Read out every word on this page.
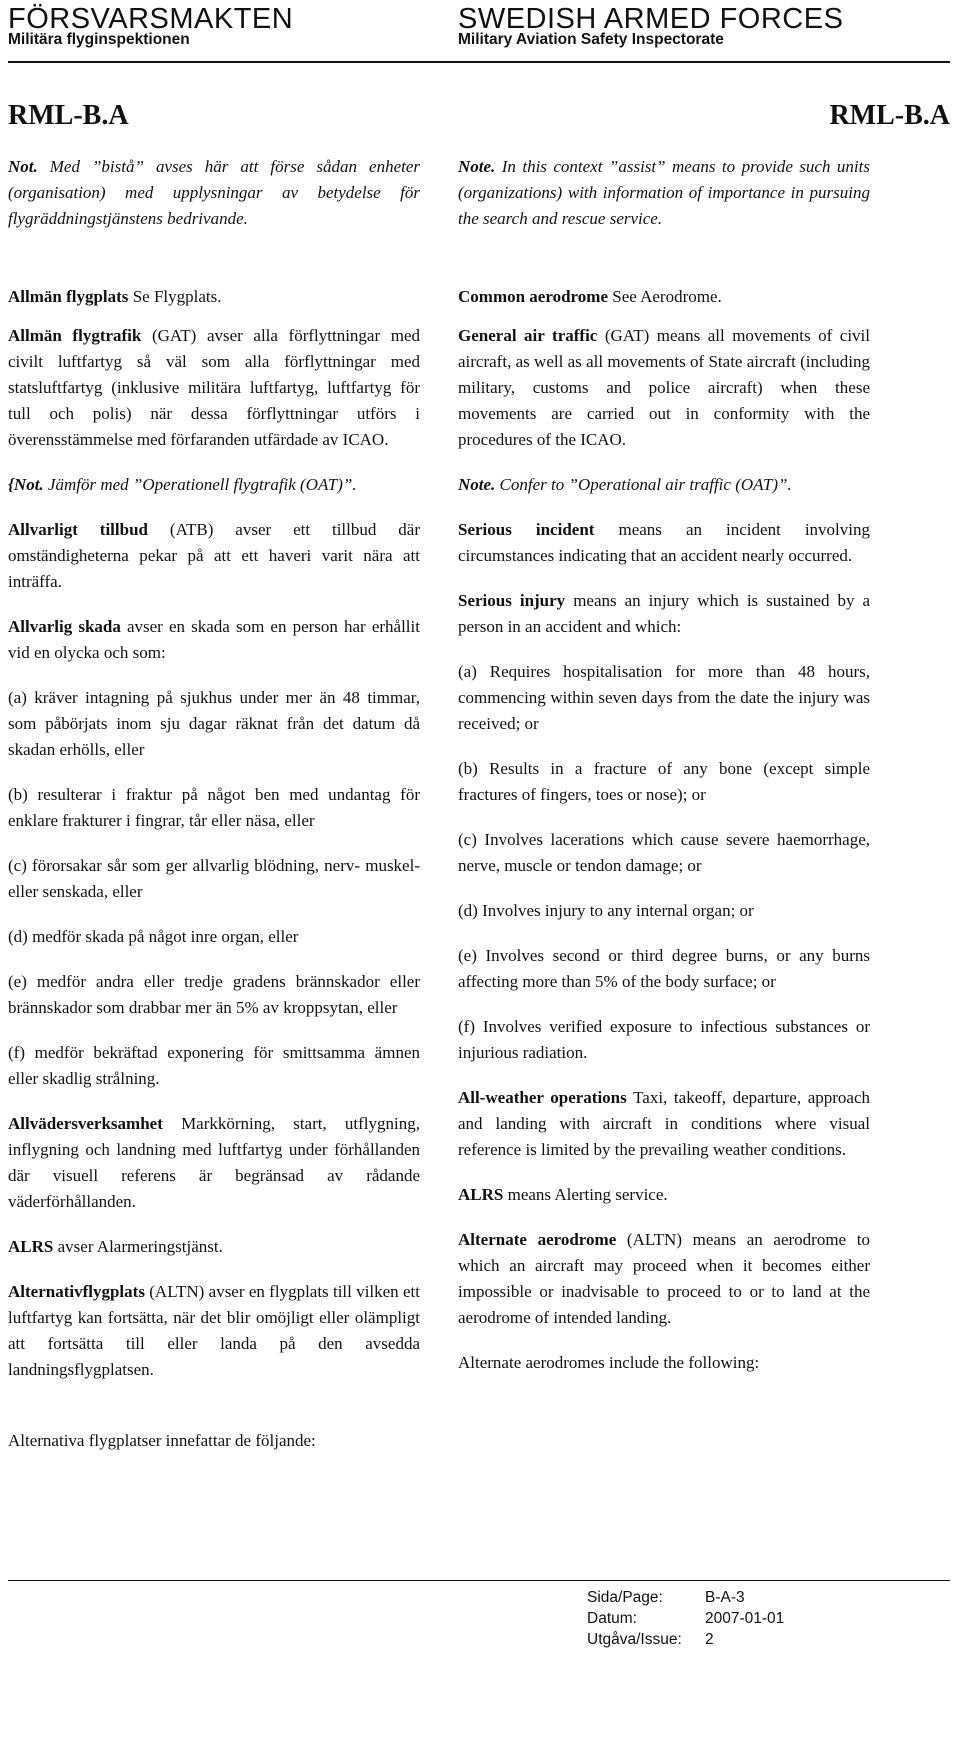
FÖRSVARSMAKTEN
Militära flyginspektionen
SWEDISH ARMED FORCES
Military Aviation Safety Inspectorate
RML-B.A	RML-B.A

Not. Med ”bistå” avses här att förse sådan enheter (organisation) med upplysningar av betydelse för flygräddningstjänstens bedrivande.

Allmän flygplats Se Flygplats.

Allmän flygtrafik (GAT) avser alla förflyttningar med civilt luftfartyg så väl som alla förflyttningar med statsluftfartyg (inklusive militära luftfartyg, luftfartyg för tull och polis) när dessa förflyttningar utförs i överensstämmelse med förfaranden utfärdade av ICAO.

{Not. Jämför med ”Operationell flygtrafik (OAT)”.

Allvarligt tillbud (ATB) avser ett tillbud där omständigheterna pekar på att ett haveri varit nära att inträffa.

Allvarlig skada avser en skada som en person har erhållit vid en olycka och som:

(a) kräver intagning på sjukhus under mer än 48 timmar, som påbörjats inom sju dagar räknat från det datum då skadan erhölls, eller

(b) resulterar i fraktur på något ben med undantag för enklare frakturer i fingrar, tår eller näsa, eller

(c) förorsakar sår som ger allvarlig blödning, nerv- muskel- eller senskada, eller

(d) medför skada på något inre organ, eller

(e) medför andra eller tredje gradens brännskador eller brännskador som drabbar mer än 5% av kroppsytan, eller

(f) medför bekräftad exponering för smittsamma ämnen eller skadlig strålning.

Allvädersverksamhet Markkörning, start, utflygning, inflygning och landning med luftfartyg under förhållanden där visuell referens är begränsad av rådande väderförhållanden.

ALRS avser Alarmeringstjänst.

Alternativflygplats (ALTN) avser en flygplats till vilken ett luftfartyg kan fortsätta, när det blir omöjligt eller olämpligt att fortsätta till eller landa på den avsedda landningsflygplatsen.

Alternativa flygplatser innefattar de följande:

Note. In this context ”assist” means to provide such units (organizations) with information of importance in pursuing the search and rescue service.

Common aerodrome See Aerodrome.

General air traffic (GAT) means all movements of civil aircraft, as well as all movements of State aircraft (including military, customs and police aircraft) when these movements are carried out in conformity with the procedures of the ICAO.

Note. Confer to ”Operational air traffic (OAT)”.

Serious incident means an incident involving circumstances indicating that an accident nearly occurred.

Serious injury means an injury which is sustained by a person in an accident and which:

(a) Requires hospitalisation for more than 48 hours, commencing within seven days from the date the injury was received; or

(b) Results in a fracture of any bone (except simple fractures of fingers, toes or nose); or

(c) Involves lacerations which cause severe haemorrhage, nerve, muscle or tendon damage; or

(d) Involves injury to any internal organ; or

(e) Involves second or third degree burns, or any burns affecting more than 5% of the body surface; or

(f) Involves verified exposure to infectious substances or injurious radiation.

All-weather operations Taxi, takeoff, departure, approach and landing with aircraft in conditions where visual reference is limited by the prevailing weather conditions.

ALRS means Alerting service.

Alternate aerodrome (ALTN) means an aerodrome to which an aircraft may proceed when it becomes either impossible or inadvisable to proceed to or to land at the aerodrome of intended landing.

Alternate aerodromes include the following:

Sida/Page:	B-A-3
Datum:	2007-01-01
Utgåva/Issue:	2
